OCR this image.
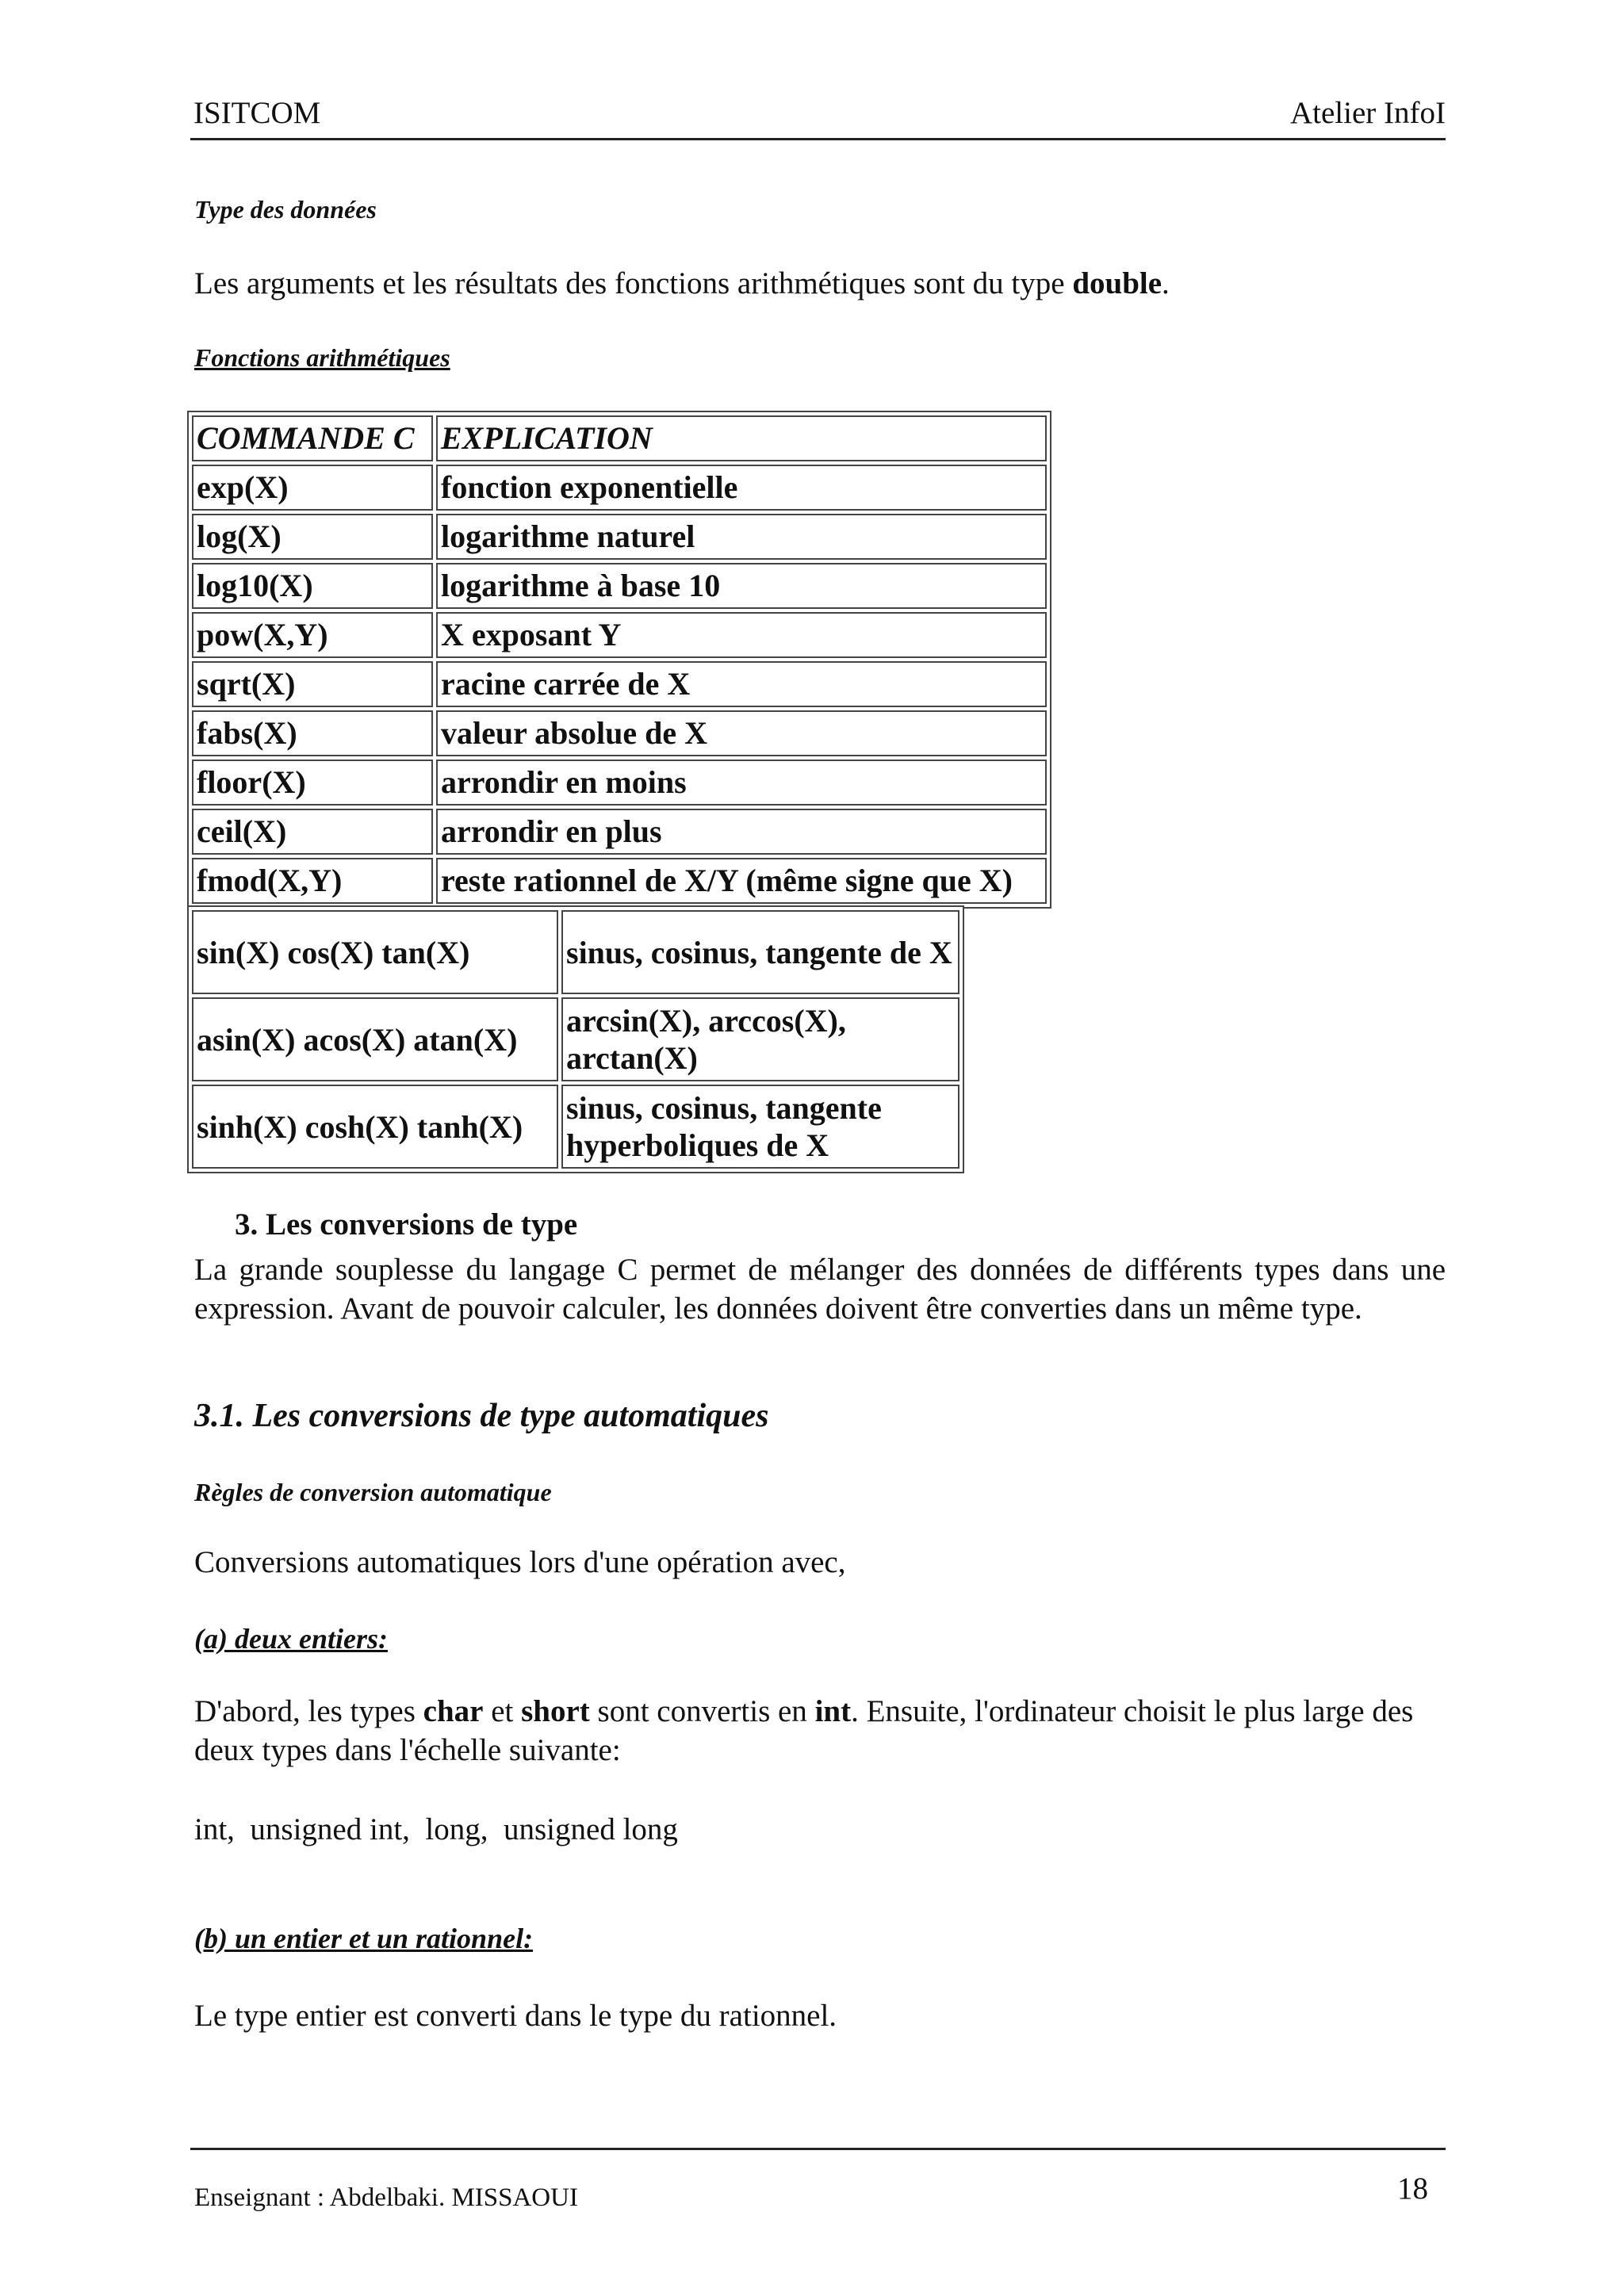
ISITCOM	Atelier InfoI
Type des données
Les arguments et les résultats des fonctions arithmétiques sont du type double.
Fonctions arithmétiques
COMMANDE C	EXPLICATION
exp(X)	fonction exponentielle
log(X)	logarithme naturel
log10(X)	logarithme à base 10
pow(X,Y)	X exposant Y
sqrt(X)	racine carrée de X
fabs(X)	valeur absolue de X
floor(X)	arrondir en moins
ceil(X)	arrondir en plus
fmod(X,Y)	reste rationnel de X/Y (même signe que X)
sin(X) cos(X) tan(X)	sinus, cosinus, tangente de X
asin(X) acos(X) atan(X)	arcsin(X), arccos(X), arctan(X)
sinh(X) cosh(X) tanh(X)	sinus, cosinus, tangente hyperboliques de X
3. Les conversions de type
La grande souplesse du langage C permet de mélanger des données de différents types dans une expression. Avant de pouvoir calculer, les données doivent être converties dans un même type.
3.1. Les conversions de type automatiques
Règles de conversion automatique
Conversions automatiques lors d'une opération avec,
(a) deux entiers:
D'abord, les types char et short sont convertis en int. Ensuite, l'ordinateur choisit le plus large des deux types dans l'échelle suivante:
int,  unsigned int,  long,  unsigned long
(b) un entier et un rationnel:
Le type entier est converti dans le type du rationnel.
Enseignant : Abdelbaki. MISSAOUI	18
